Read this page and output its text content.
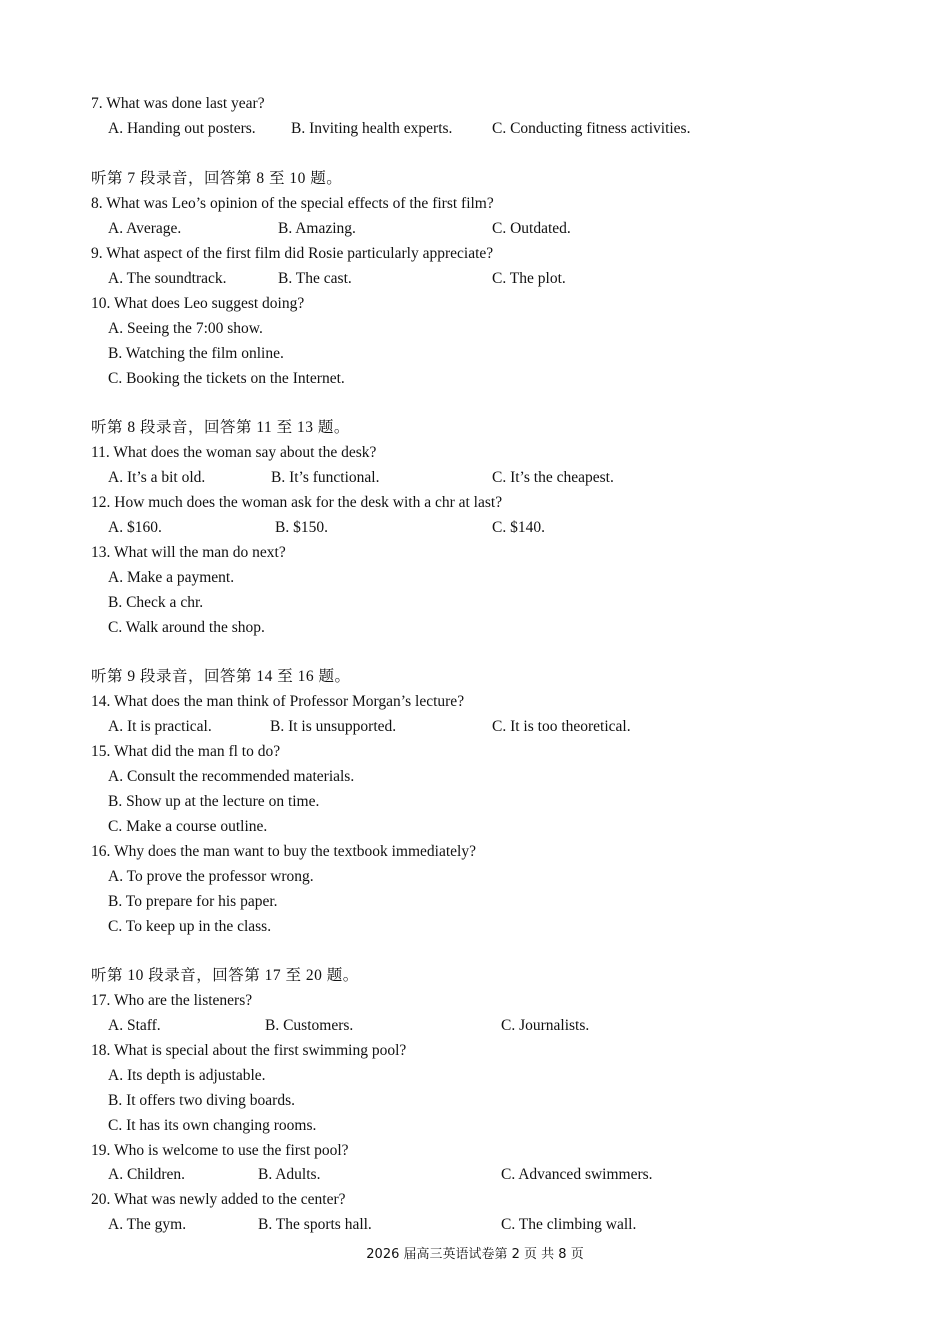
7. What was done last year?
A. Handing out posters. B. Inviting health experts.	C. Conducting fitness activities.
听第 7 段录音，回答第 8 至 10 题。
8. What was Leo’s opinion of the special effects of the first film?
A. Average.	B. Amazing.	C. Outdated.
9. What aspect of the first film did Rosie particularly appreciate?
A. The soundtrack.	B. The cast.	C. The plot.
10. What does Leo suggest doing?
A. Seeing the 7:00 show.
B. Watching the film online.
C. Booking the tickets on the Internet.
听第 8 段录音，回答第 11 至 13 题。
11. What does the woman say about the desk?
A. It’s a bit old.	B. It’s functional.	C. It’s the cheapest.
12. How much does the woman ask for the desk with a chr at last?
A. $160.	B. $150.	C. $140.
13. What will the man do next?
A. Make a payment.
B. Check a chr.
C. Walk around the shop.
听第 9 段录音，回答第 14 至 16 题。
14. What does the man think of Professor Morgan’s lecture?
A. It is practical.	B. It is unsupported.	C. It is too theoretical.
15. What did the man fl to do?
A. Consult the recommended materials.
B. Show up at the lecture on time.
C. Make a course outline.
16. Why does the man want to buy the textbook immediately?
A. To prove the professor wrong.
B. To prepare for his paper.
C. To keep up in the class.
听第 10 段录音，回答第 17 至 20 题。
17. Who are the listeners?
A. Staff.	B. Customers.	C. Journalists.
18. What is special about the first swimming pool?
A. Its depth is adjustable.
B. It offers two diving boards.
C. It has its own changing rooms.
19. Who is welcome to use the first pool?
A. Children.	B. Adults.	C. Advanced swimmers.
20. What was newly added to the center?
A. The gym.	B. The sports hall.	C. The climbing wall.
2026 届高三英语试卷第 2 页 共 8 页
